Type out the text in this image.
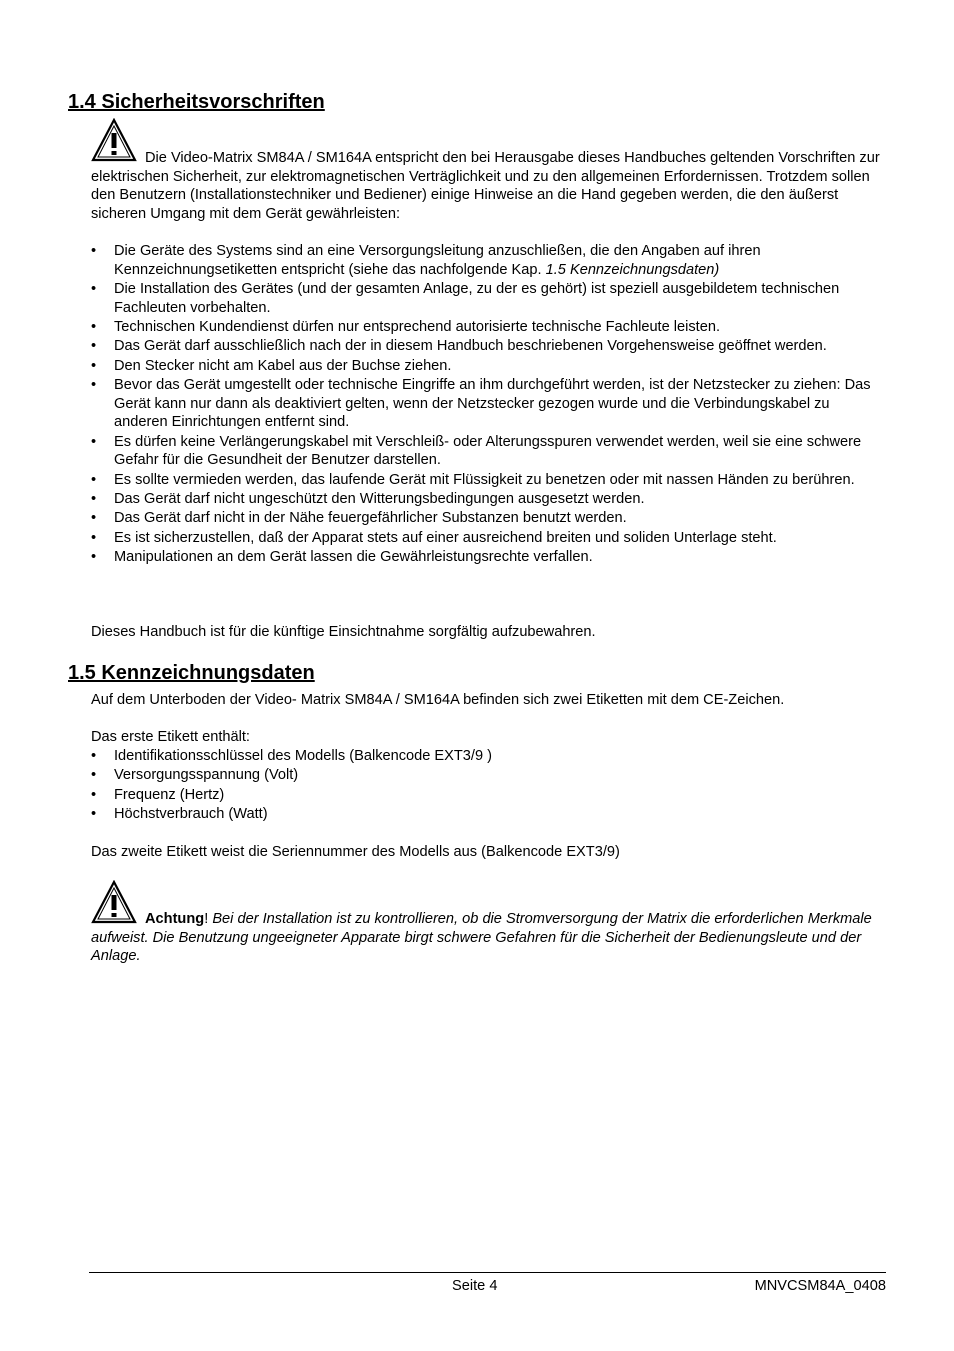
1.4 Sicherheitsvorschriften

Die Video-Matrix SM84A / SM164A entspricht den bei Herausgabe dieses Handbuches geltenden Vorschriften zur elektrischen Sicherheit, zur elektromagnetischen Verträglichkeit und zu den allgemeinen Erfordernissen. Trotzdem sollen den Benutzern (Installationstechniker und Bediener) einige Hinweise an die Hand gegeben werden, die den äußerst sicheren Umgang mit dem Gerät gewährleisten:

• Die Geräte des Systems sind an eine Versorgungsleitung anzuschließen, die den Angaben auf ihren Kennzeichnungsetiketten entspricht (siehe das nachfolgende Kap. 1.5 Kennzeichnungsdaten)
• Die Installation des Gerätes (und der gesamten Anlage, zu der es gehört) ist speziell ausgebildetem technischen Fachleuten vorbehalten.
• Technischen Kundendienst dürfen nur entsprechend autorisierte technische Fachleute leisten.
• Das Gerät darf ausschließlich nach der in diesem Handbuch beschriebenen Vorgehensweise geöffnet werden.
• Den Stecker nicht am Kabel aus der Buchse ziehen.
• Bevor das Gerät umgestellt oder technische Eingriffe an ihm durchgeführt werden, ist der Netzstecker zu ziehen: Das Gerät kann nur dann als deaktiviert gelten, wenn der Netzstecker gezogen wurde und die Verbindungskabel zu anderen Einrichtungen entfernt sind.
• Es dürfen keine Verlängerungskabel mit Verschleiß- oder Alterungsspuren verwendet werden, weil sie eine schwere Gefahr für die Gesundheit der Benutzer darstellen.
• Es sollte vermieden werden, das laufende Gerät mit Flüssigkeit zu benetzen oder mit nassen Händen zu berühren.
• Das Gerät darf nicht ungeschützt den Witterungsbedingungen ausgesetzt werden.
• Das Gerät darf nicht in der Nähe feuergefährlicher Substanzen benutzt werden.
• Es ist sicherzustellen, daß der Apparat stets auf einer ausreichend breiten und soliden Unterlage steht.
• Manipulationen an dem Gerät lassen die Gewährleistungsrechte verfallen.

Dieses Handbuch ist für die künftige Einsichtnahme sorgfältig aufzubewahren.

1.5 Kennzeichnungsdaten

Auf dem Unterboden der Video- Matrix SM84A / SM164A befinden sich zwei Etiketten mit dem CE-Zeichen.

Das erste Etikett enthält:

• Identifikationsschlüssel des Modells (Balkencode EXT3/9 )
• Versorgungsspannung (Volt)
• Frequenz (Hertz)
• Höchstverbrauch (Watt)

Das zweite Etikett weist die Seriennummer des Modells aus (Balkencode EXT3/9)

Achtung! Bei der Installation ist zu kontrollieren, ob die Stromversorgung der Matrix die erforderlichen Merkmale aufweist. Die Benutzung ungeeigneter Apparate birgt schwere Gefahren für die Sicherheit der Bedienungsleute und der Anlage.

Seite 4	MNVCSM84A_0408
